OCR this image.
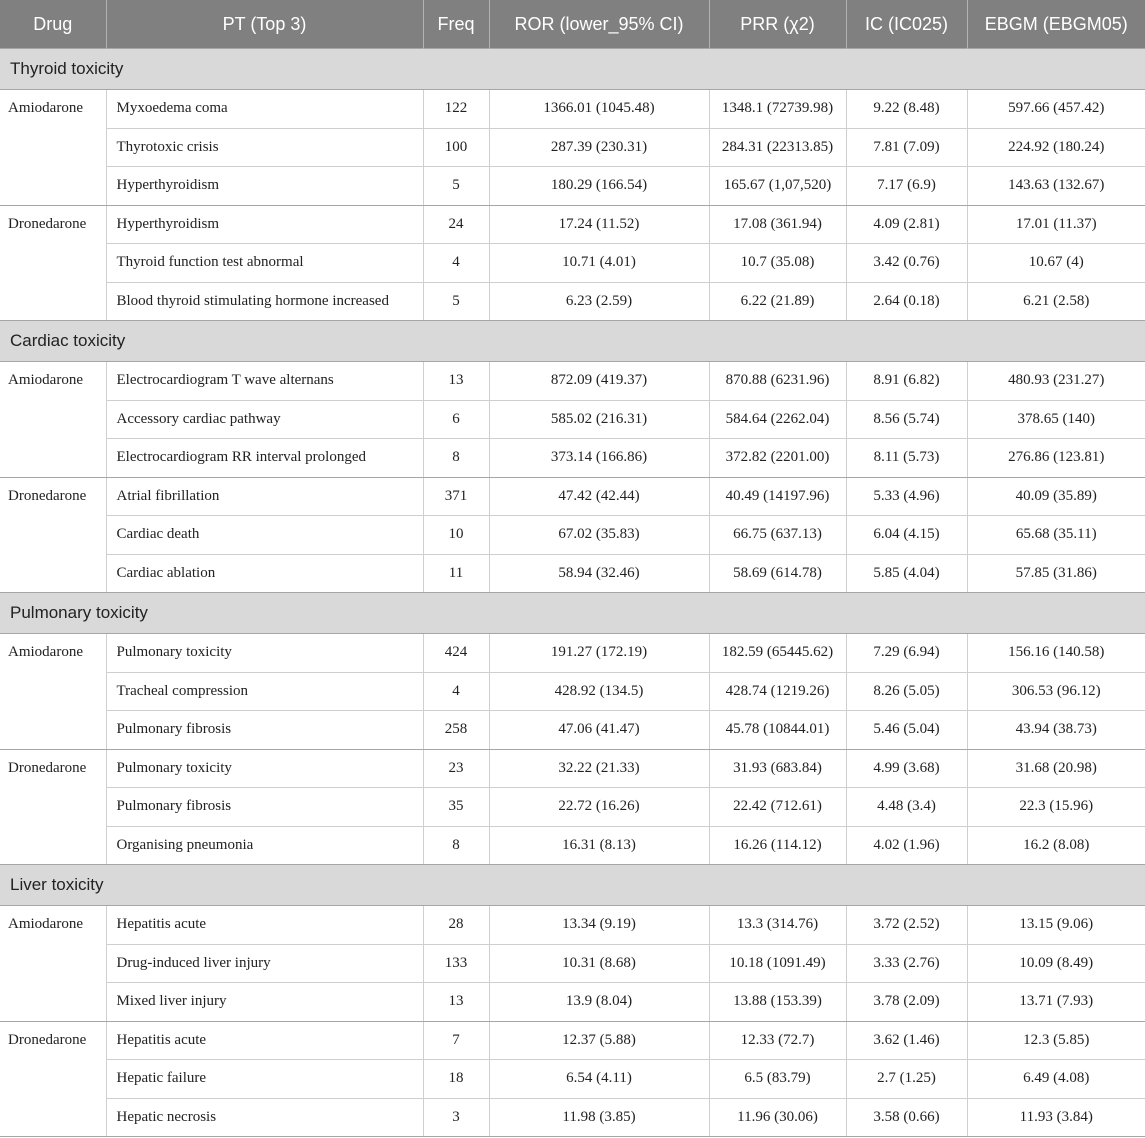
Drug	PT (Top 3)	Freq	ROR (lower_95% CI)	PRR (χ2)	IC (IC025)	EBGM (EBGM05)
Thyroid toxicity						
Amiodarone	Myxoedema coma	122	1366.01 (1045.48)	1348.1 (72739.98)	9.22 (8.48)	597.66 (457.42)
	Thyrotoxic crisis	100	287.39 (230.31)	284.31 (22313.85)	7.81 (7.09)	224.92 (180.24)
	Hyperthyroidism	5	180.29 (166.54)	165.67 (1,07,520)	7.17 (6.9)	143.63 (132.67)
Dronedarone	Hyperthyroidism	24	17.24 (11.52)	17.08 (361.94)	4.09 (2.81)	17.01 (11.37)
	Thyroid function test abnormal	4	10.71 (4.01)	10.7 (35.08)	3.42 (0.76)	10.67 (4)
	Blood thyroid stimulating hormone increased	5	6.23 (2.59)	6.22 (21.89)	2.64 (0.18)	6.21 (2.58)
Cardiac toxicity						
Amiodarone	Electrocardiogram T wave alternans	13	872.09 (419.37)	870.88 (6231.96)	8.91 (6.82)	480.93 (231.27)
	Accessory cardiac pathway	6	585.02 (216.31)	584.64 (2262.04)	8.56 (5.74)	378.65 (140)
	Electrocardiogram RR interval prolonged	8	373.14 (166.86)	372.82 (2201.00)	8.11 (5.73)	276.86 (123.81)
Dronedarone	Atrial fibrillation	371	47.42 (42.44)	40.49 (14197.96)	5.33 (4.96)	40.09 (35.89)
	Cardiac death	10	67.02 (35.83)	66.75 (637.13)	6.04 (4.15)	65.68 (35.11)
	Cardiac ablation	11	58.94 (32.46)	58.69 (614.78)	5.85 (4.04)	57.85 (31.86)
Pulmonary toxicity						
Amiodarone	Pulmonary toxicity	424	191.27 (172.19)	182.59 (65445.62)	7.29 (6.94)	156.16 (140.58)
	Tracheal compression	4	428.92 (134.5)	428.74 (1219.26)	8.26 (5.05)	306.53 (96.12)
	Pulmonary fibrosis	258	47.06 (41.47)	45.78 (10844.01)	5.46 (5.04)	43.94 (38.73)
Dronedarone	Pulmonary toxicity	23	32.22 (21.33)	31.93 (683.84)	4.99 (3.68)	31.68 (20.98)
	Pulmonary fibrosis	35	22.72 (16.26)	22.42 (712.61)	4.48 (3.4)	22.3 (15.96)
	Organising pneumonia	8	16.31 (8.13)	16.26 (114.12)	4.02 (1.96)	16.2 (8.08)
Liver toxicity						
Amiodarone	Hepatitis acute	28	13.34 (9.19)	13.3 (314.76)	3.72 (2.52)	13.15 (9.06)
	Drug-induced liver injury	133	10.31 (8.68)	10.18 (1091.49)	3.33 (2.76)	10.09 (8.49)
	Mixed liver injury	13	13.9 (8.04)	13.88 (153.39)	3.78 (2.09)	13.71 (7.93)
Dronedarone	Hepatitis acute	7	12.37 (5.88)	12.33 (72.7)	3.62 (1.46)	12.3 (5.85)
	Hepatic failure	18	6.54 (4.11)	6.5 (83.79)	2.7 (1.25)	6.49 (4.08)
	Hepatic necrosis	3	11.98 (3.85)	11.96 (30.06)	3.58 (0.66)	11.93 (3.84)
